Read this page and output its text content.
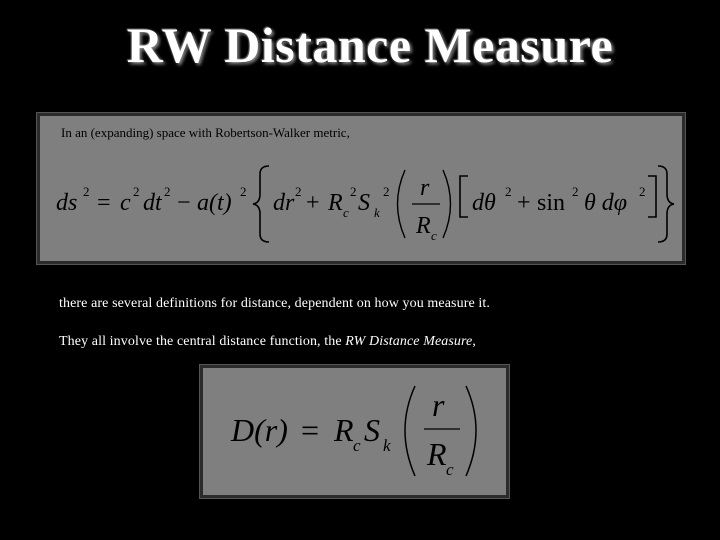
RW Distance Measure
In an (expanding) space with Robertson-Walker metric,
ds 2 = c 2 dt 2 − a(t) 2 dr 2 + R c
2 S k
2 r
R c
dθ 2 + sin 2 θ dφ 2
there are several definitions for distance, dependent on how you measure it.
They all involve the central distance function, the RW Distance Measure,
D(r) = R c S k
r
R c
